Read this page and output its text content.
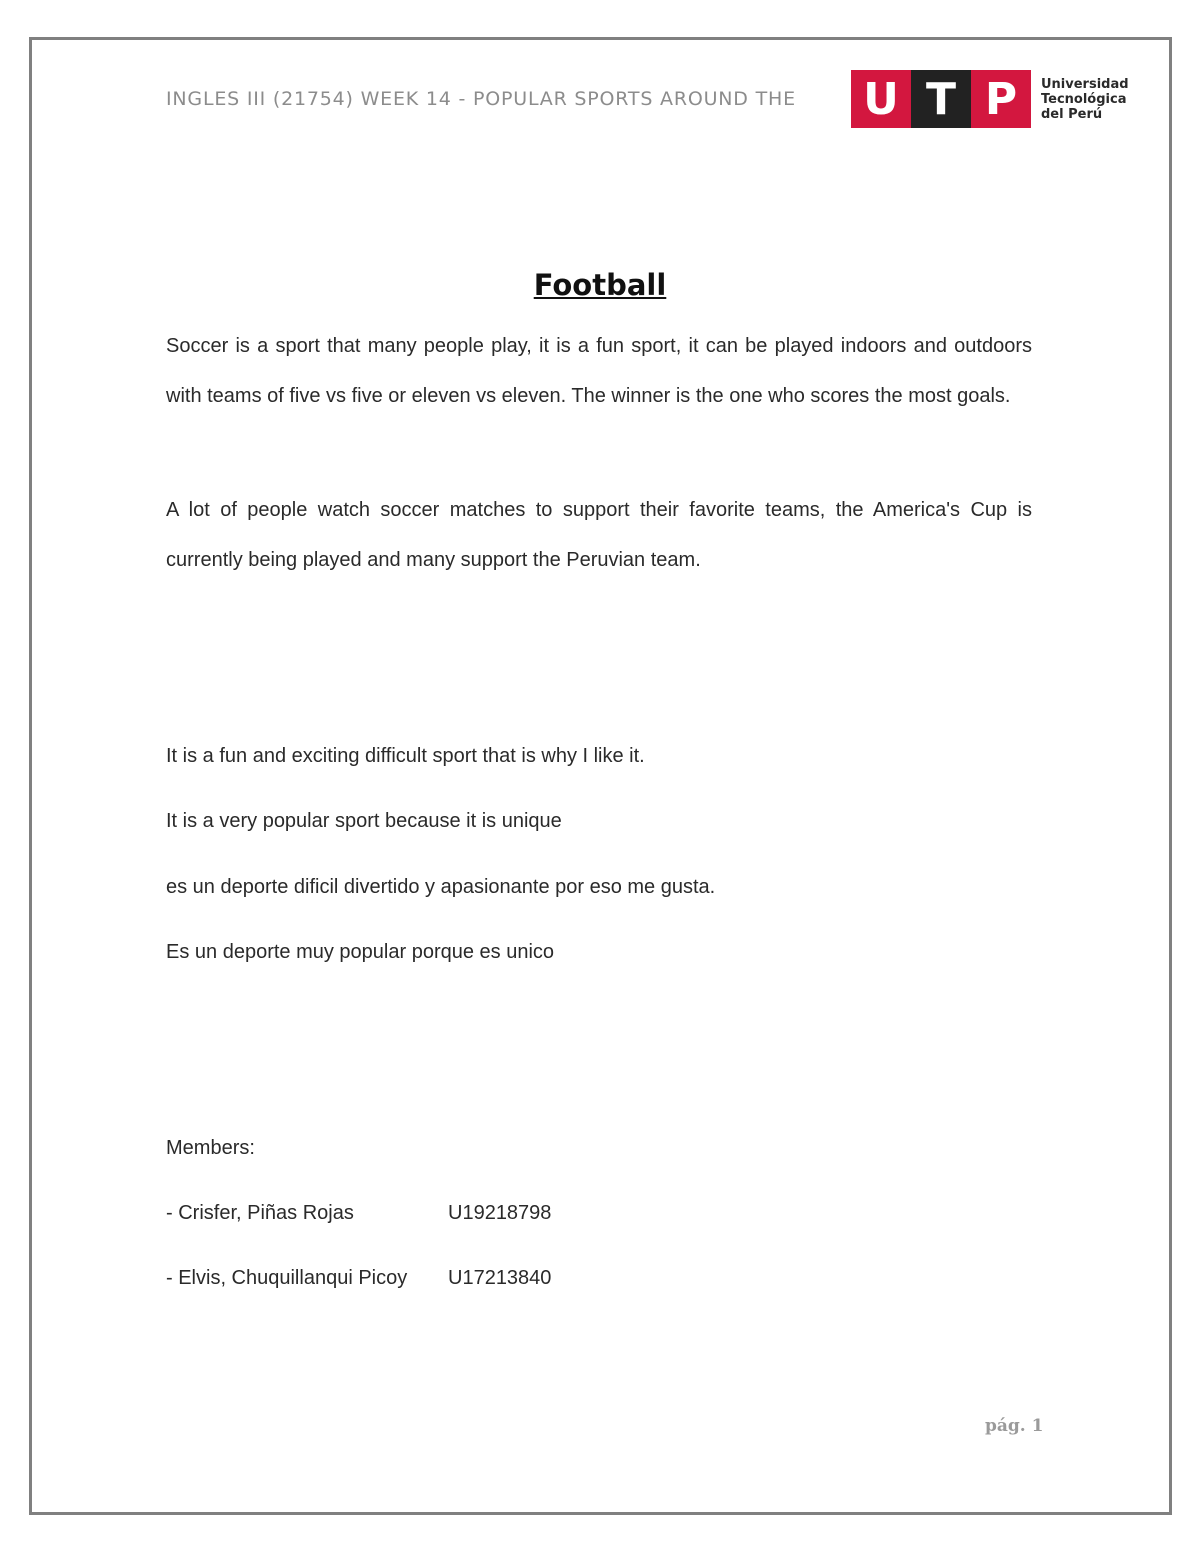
INGLES III (21754) WEEK 14 - POPULAR SPORTS AROUND THE U T P	Universidad
Tecnológica
del Perú
Football
Soccer is a sport that many people play, it is a fun sport, it can be played indoors and outdoors with teams of five vs five or eleven vs eleven. The winner is the one who scores the most goals.
A lot of people watch soccer matches to support their favorite teams, the America's Cup is currently being played and many support the Peruvian team.
It is a fun and exciting difficult sport that is why I like it.
It is a very popular sport because it is unique
es un deporte dificil divertido y apasionante por eso me gusta.
Es un deporte muy popular porque es unico
Members:
- Crisfer, Piñas Rojas	U19218798
- Elvis, Chuquillanqui Picoy U17213840
pág. 1
